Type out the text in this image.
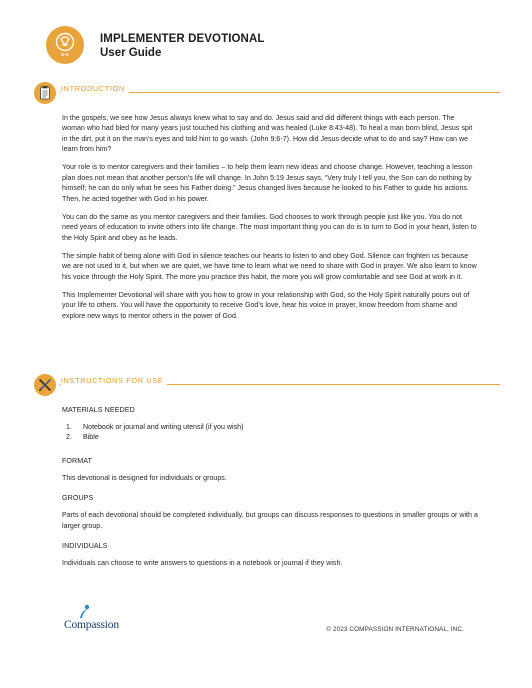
D-1
IMPLEMENTER DEVOTIONAL
User Guide
INTRODUCTION

In the gospels, we see how Jesus always knew what to say and do. Jesus said and did different things with each person. The woman who had bled for many years just touched his clothing and was healed (Luke 8:43-48). To heal a man born blind, Jesus spit in the dirt, put it on the man’s eyes and told him to go wash. (John 9:6-7). How did Jesus decide what to do and say? How can we learn from him?

Your role is to mentor caregivers and their families – to help them learn new ideas and choose change. However, teaching a lesson plan does not mean that another person’s life will change. In John 5:19 Jesus says, “Very truly I tell you, the Son can do nothing by himself; he can do only what he sees his Father doing.” Jesus changed lives because he looked to his Father to guide his actions. Then, he acted together with God in his power.

You can do the same as you mentor caregivers and their families. God chooses to work through people just like you. You do not need years of education to invite others into life change. The most important thing you can do is to turn to God in your heart, listen to the Holy Spirit and obey as he leads.

The simple habit of being alone with God in silence teaches our hearts to listen to and obey God. Silence can frighten us because we are not used to it, but when we are quiet, we have time to learn what we need to share with God in prayer. We also learn to know his voice through the Holy Spirit. The more you practice this habit, the more you will grow comfortable and see God at work in it.

This Implementer Devotional will share with you how to grow in your relationship with God, so the Holy Spirit naturally pours out of your life to others. You will have the opportunity to receive God’s love, hear his voice in prayer, know freedom from shame and explore new ways to mentor others in the power of God.

INSTRUCTIONS FOR USE
MATERIALS NEEDED
1. Notebook or journal and writing utensil (if you wish)
2. Bible
FORMAT

This devotional is designed for individuals or groups.

GROUPS

Parts of each devotional should be completed individually, but groups can discuss responses to questions in smaller groups or with a larger group.

INDIVIDUALS

Individuals can choose to write answers to questions in a notebook or journal if they wish.

Compassion	© 2023 COMPASSION INTERNATIONAL, INC.
